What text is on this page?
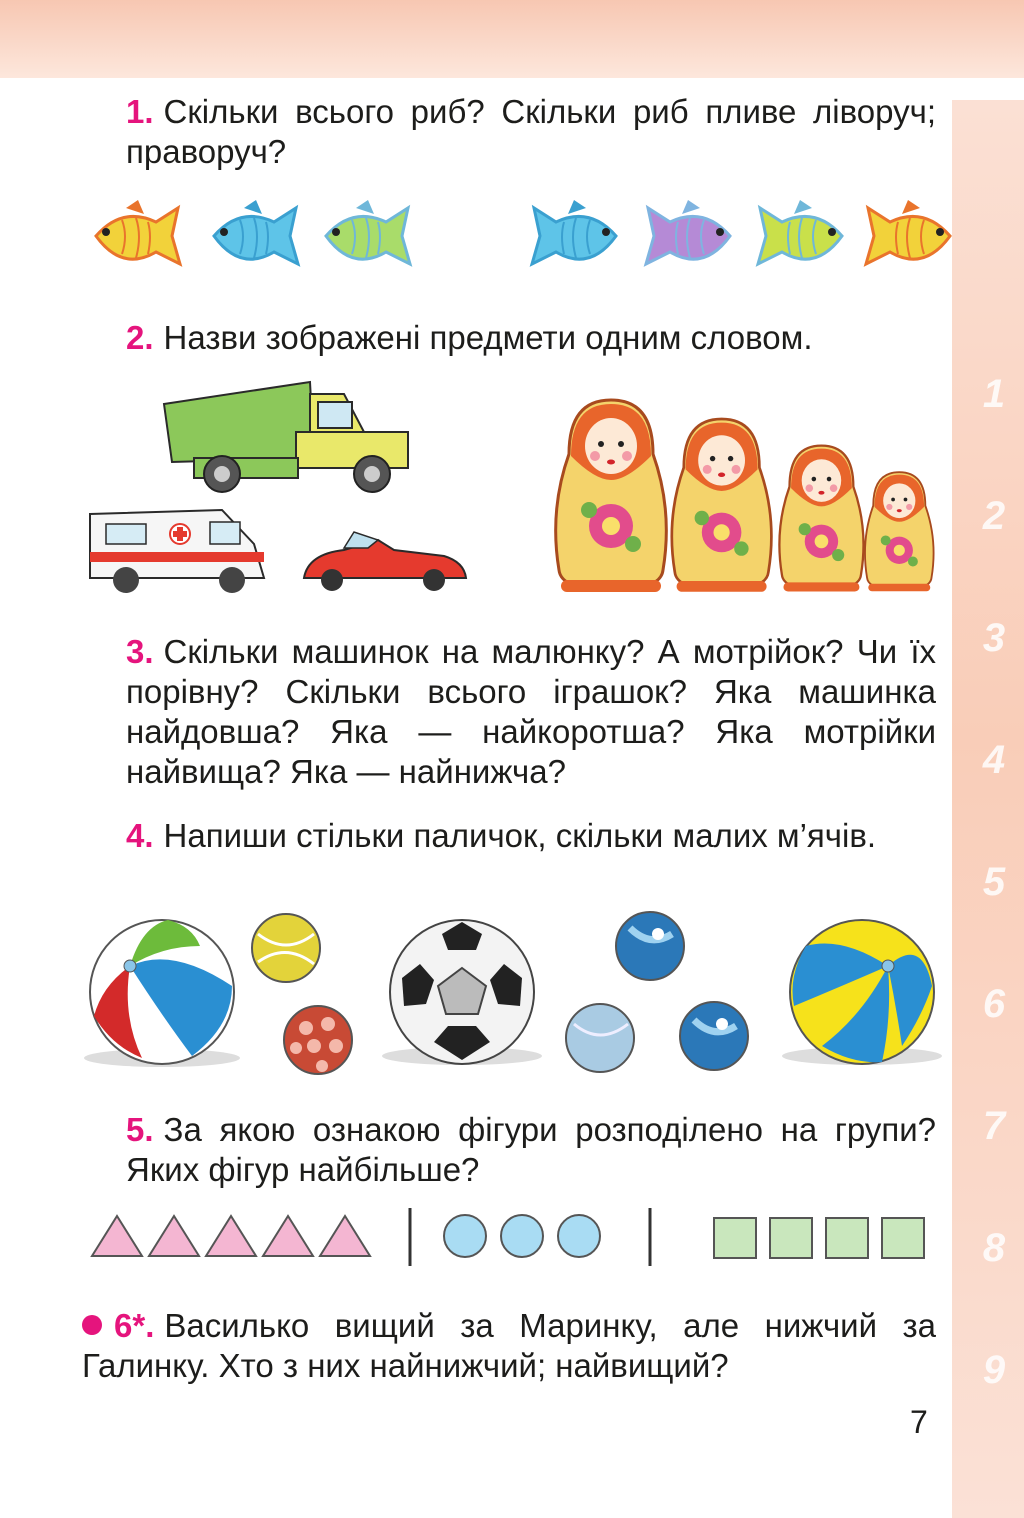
1
2
3
4
5
6
7
8
9
1. Скільки всього риб? Скільки риб пливе ліворуч; праворуч?
2. Назви зображені предмети одним словом.
3. Скільки машинок на малюнку? А мотрійок? Чи їх порівну? Скільки всього іграшок? Яка машинка найдовша? Яка — найкоротша? Яка мотрійки найвища? Яка — найнижча?
4. Напиши стільки паличок, скільки малих м’ячів.
5. За якою ознакою фігури розподілено на групи? Яких фігур найбільше?
6*. Василько вищий за Маринку, але нижчий за Галинку. Хто з них найнижчий; найвищий?
7
